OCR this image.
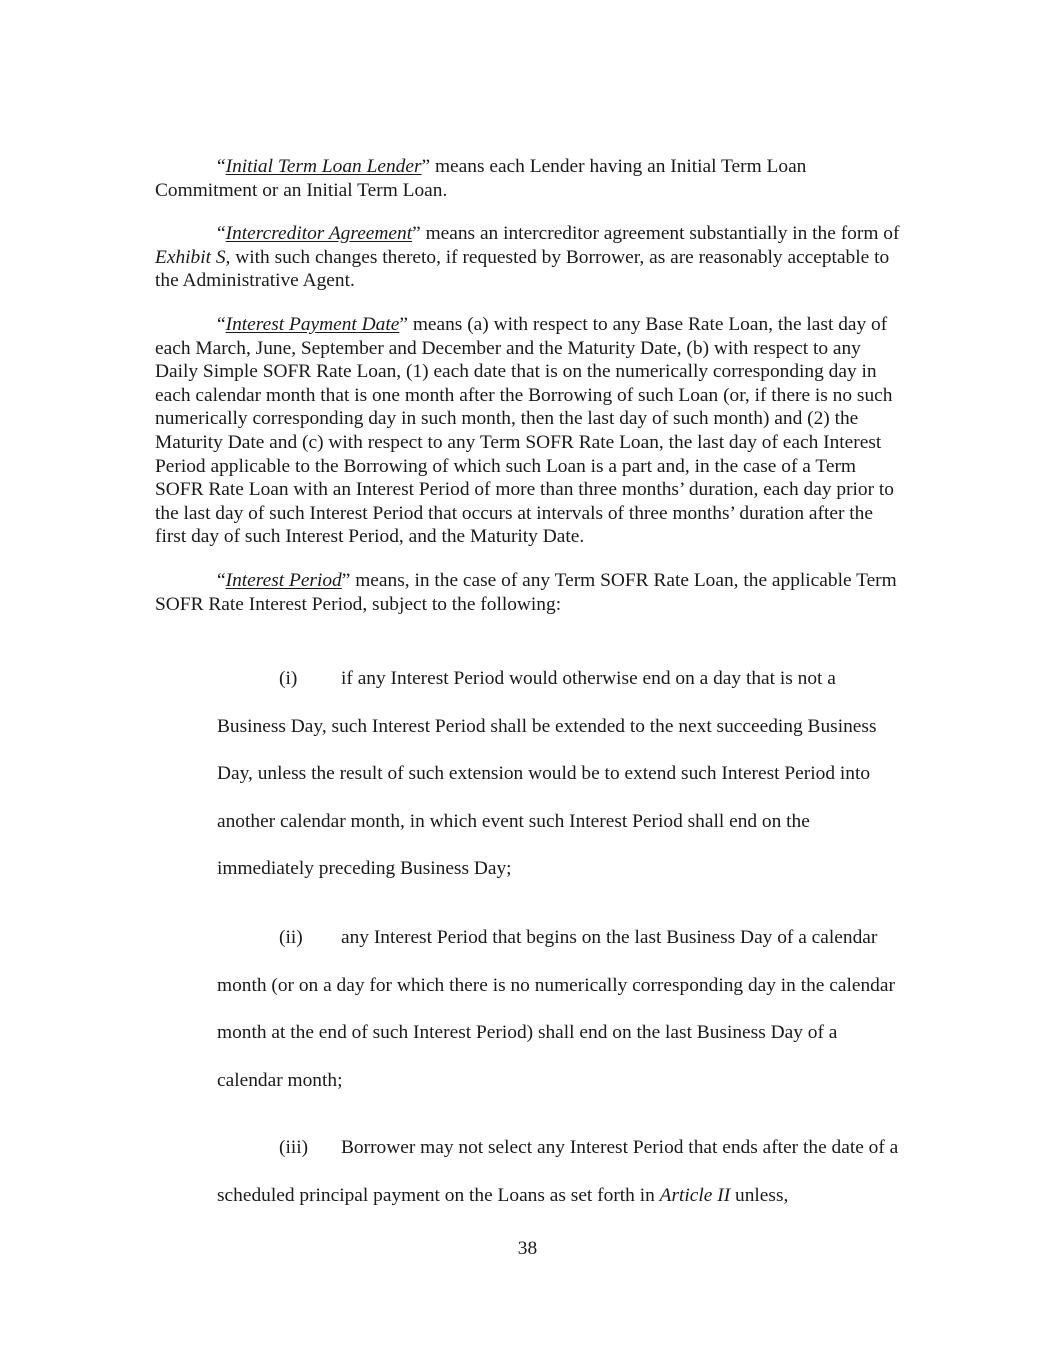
“Initial Term Loan Lender” means each Lender having an Initial Term Loan Commitment or an Initial Term Loan.

“Intercreditor Agreement” means an intercreditor agreement substantially in the form of Exhibit S, with such changes thereto, if requested by Borrower, as are reasonably acceptable to the Administrative Agent.

“Interest Payment Date” means (a) with respect to any Base Rate Loan, the last day of each March, June, September and December and the Maturity Date, (b) with respect to any Daily Simple SOFR Rate Loan, (1) each date that is on the numerically corresponding day in each calendar month that is one month after the Borrowing of such Loan (or, if there is no such numerically corresponding day in such month, then the last day of such month) and (2) the Maturity Date and (c) with respect to any Term SOFR Rate Loan, the last day of each Interest Period applicable to the Borrowing of which such Loan is a part and, in the case of a Term SOFR Rate Loan with an Interest Period of more than three months’ duration, each day prior to the last day of such Interest Period that occurs at intervals of three months’ duration after the first day of such Interest Period, and the Maturity Date.

“Interest Period” means, in the case of any Term SOFR Rate Loan, the applicable Term SOFR Rate Interest Period, subject to the following:

(i) if any Interest Period would otherwise end on a day that is not a Business Day, such Interest Period shall be extended to the next succeeding Business Day, unless the result of such extension would be to extend such Interest Period into another calendar month, in which event such Interest Period shall end on the immediately preceding Business Day;

(ii) any Interest Period that begins on the last Business Day of a calendar month (or on a day for which there is no numerically corresponding day in the calendar month at the end of such Interest Period) shall end on the last Business Day of a calendar month;

(iii) Borrower may not select any Interest Period that ends after the date of a scheduled principal payment on the Loans as set forth in Article II unless,

38
